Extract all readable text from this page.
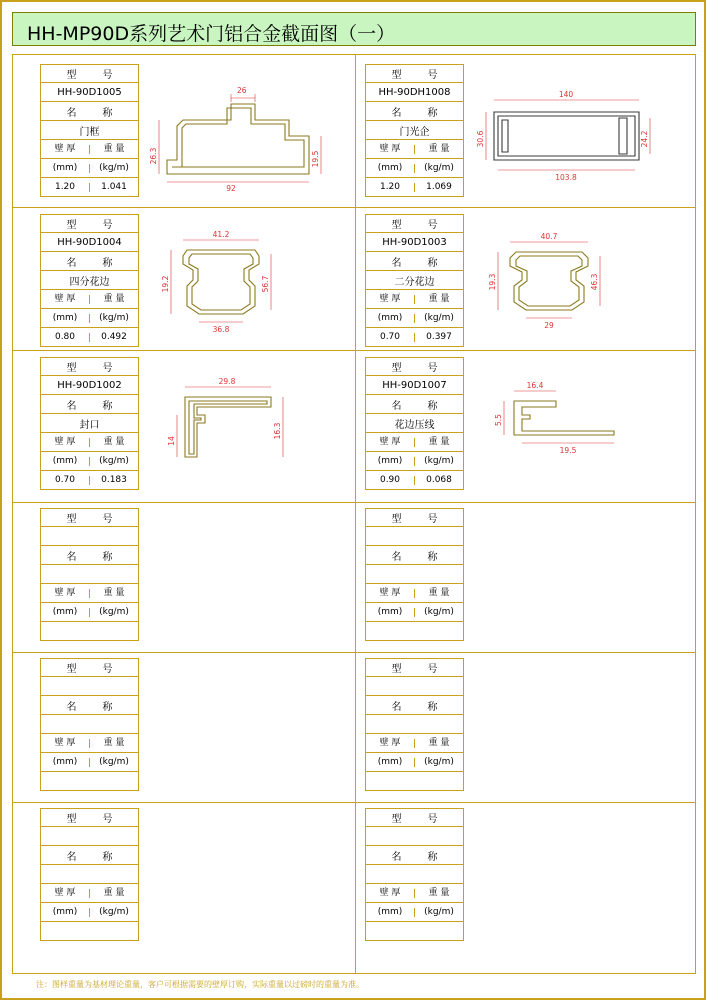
HH-MP90D系列艺术门铝合金截面图（一）
型　号
HH-90D1005
名　称
门框
壁 厚	重 量
(mm)	(kg/m)
1.20	1.041
26
92
26.3	19.5
型　号
HH-90DH1008
名　称
门光企
壁 厚	重 量
(mm)	(kg/m)
1.20	1.069
140
103.8
30.6	24.2
型　号
HH-90D1004
名　称
四分花边
壁 厚	重 量
(mm)	(kg/m)
0.80	0.492
41.2
36.8
19.2	56.7
型　号
HH-90D1003
名　称
二分花边
壁 厚	重 量
(mm)	(kg/m)
0.70	0.397
40.7
29
19.3	46.3
型　号
HH-90D1002
名　称
封口
壁 厚	重 量
(mm)	(kg/m)
0.70	0.183
29.8
14
16.3
型　号
HH-90D1007
名　称
花边压线
壁 厚	重 量
(mm)	(kg/m)
0.90	0.068
16.4
19.5
5.5
型　号
名　称
壁 厚	重 量
(mm)	(kg/m)
型　号
名　称
壁 厚	重 量
(mm)	(kg/m)
型　号
名　称
壁 厚	重 量
(mm)	(kg/m)
型　号
名　称
壁 厚	重 量
(mm)	(kg/m)
型　号
名　称
壁 厚	重 量
(mm)	(kg/m)
型　号
名　称
壁 厚	重 量
(mm)	(kg/m)
注：图样重量为基材理论重量，客户可根据需要的壁厚订购，实际重量以过磅时的重量为准。
